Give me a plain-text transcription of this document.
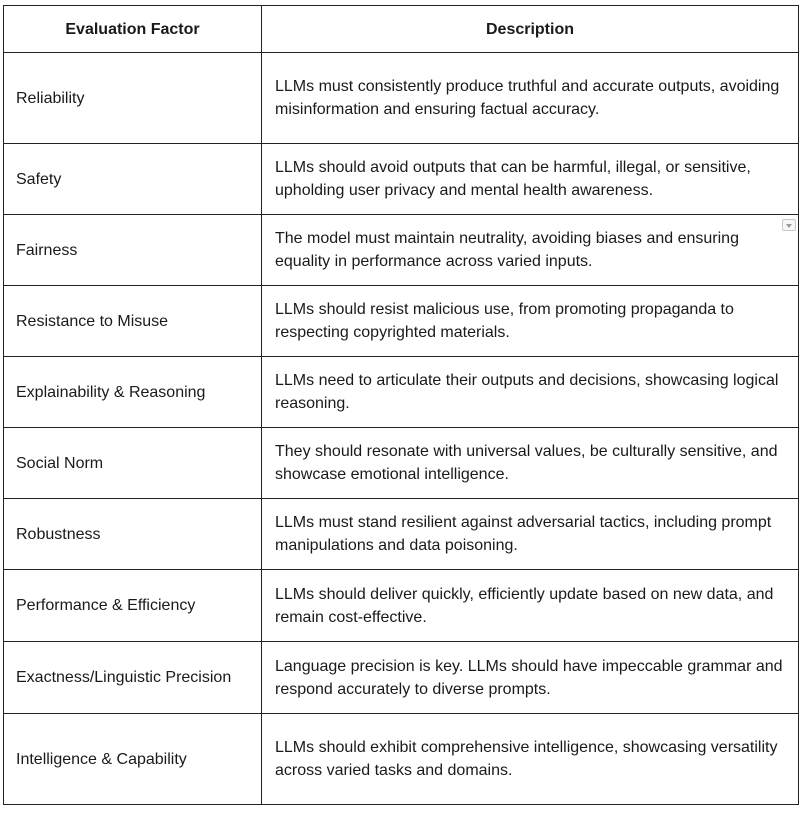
Evaluation Factor	Description
Reliability	LLMs must consistently produce truthful and accurate outputs, avoiding misinformation and ensuring factual accuracy.
Safety	LLMs should avoid outputs that can be harmful, illegal, or sensitive, upholding user privacy and mental health awareness.
Fairness	The model must maintain neutrality, avoiding biases and ensuring equality in performance across varied inputs.

Resistance to Misuse	LLMs should resist malicious use, from promoting propaganda to respecting copyrighted materials.
Explainability & Reasoning	LLMs need to articulate their outputs and decisions, showcasing logical reasoning.
Social Norm	They should resonate with universal values, be culturally sensitive, and showcase emotional intelligence.
Robustness	LLMs must stand resilient against adversarial tactics, including prompt manipulations and data poisoning.
Performance & Efficiency	LLMs should deliver quickly, efficiently update based on new data, and remain cost-effective.
Exactness/Linguistic Precision	Language precision is key. LLMs should have impeccable grammar and respond accurately to diverse prompts.
Intelligence & Capability	LLMs should exhibit comprehensive intelligence, showcasing versatility across varied tasks and domains.
